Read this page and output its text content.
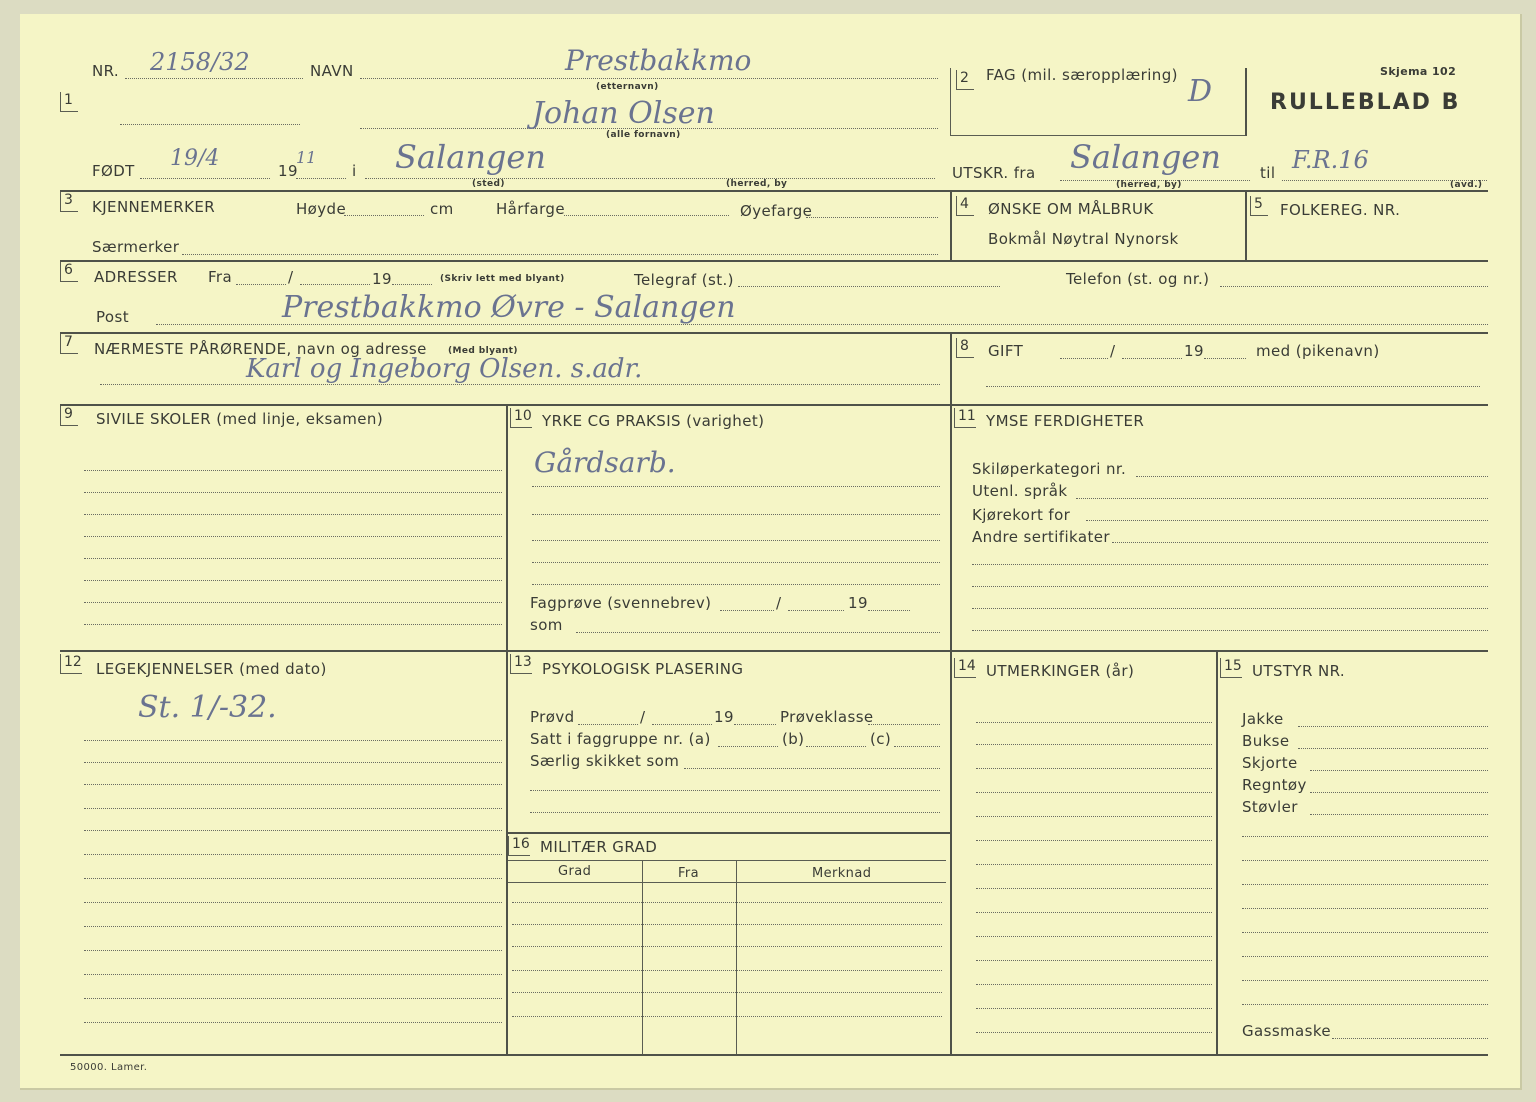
1
NR. 2158/32	NAVN	Prestbakkmo
(etternavn)
Johan Olsen
(alle fornavn)
2	FAG (mil. særopplæring) D
Skjema 102
RULLEBLAD B
FØDT 19/4	19
11
i Salangen
(sted)	(herred, by
UTSKR. fra Salangen
(herred, by)
til F.R.16
(avd.)
3	KJENNEMERKER	Høyde	cm	Hårfarge	Øyefarge
Særmerker
4	ØNSKE OM MÅLBRUK
Bokmål Nøytral Nynorsk
5	FOLKEREG. NR.
6	ADRESSER Fra	/	19	(Skriv lett med blyant)	Telegraf (st.)	Telefon (st. og nr.)
Post	Prestbakkmo Øvre - Salangen
7	NÆRMESTE PÅRØRENDE, navn og adresse (Med blyant)
Karl og Ingeborg Olsen. s.adr.
8	GIFT	/	19	med (pikenavn)
9	SIVILE SKOLER (med linje, eksamen)	10 YRKE CG PRAKSIS (varighet)
Gårdsarb.
Fagprøve (svennebrev)	/	19
som
11 YMSE FERDIGHETER
Skiløperkategori nr.
Utenl. språk
Kjørekort for
Andre sertifikater
12 LEGEKJENNELSER (med dato)
St. 1/-32.
13 PSYKOLOGISK PLASERING
Prøvd	/	19	Prøveklasse
Satt i faggruppe nr. (a)	(b)	(c)
Særlig skikket som
16 MILITÆR GRAD
Grad	Fra	Merknad
14 UTMERKINGER (år)	15 UTSTYR NR.
Jakke
Bukse
Skjorte
Regntøy
Støvler
Gassmaske
50000. Lamer.
